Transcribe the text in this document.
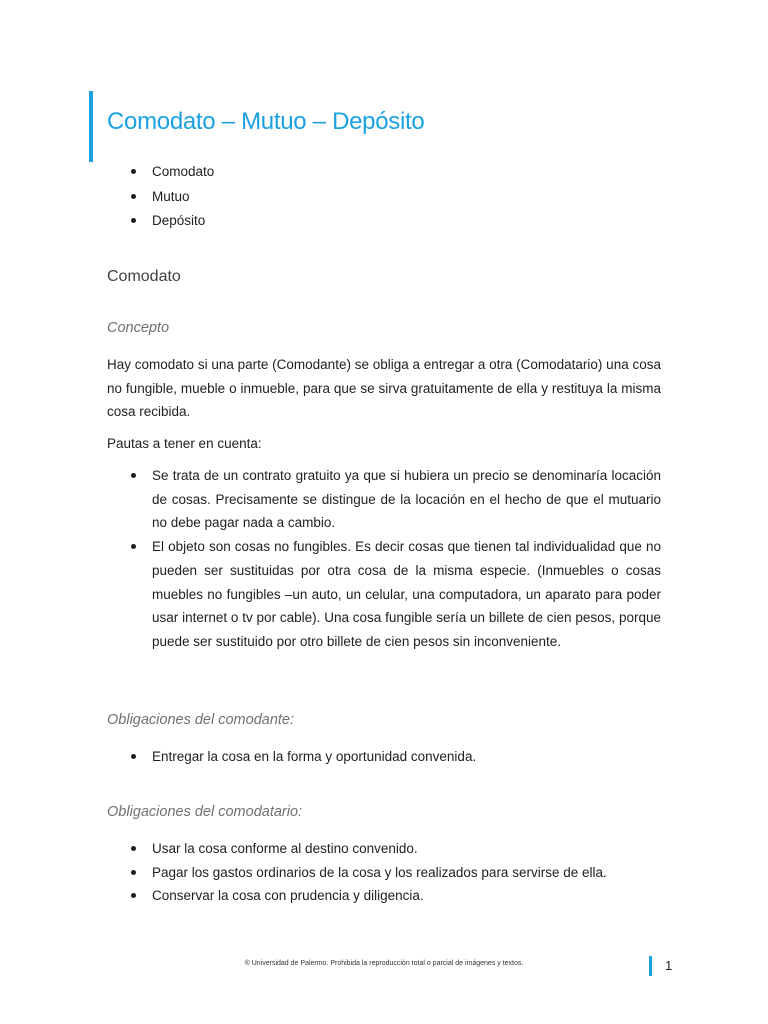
Comodato – Mutuo – Depósito
Comodato
Mutuo
Depósito
Comodato
Concepto

Hay comodato si una parte (Comodante) se obliga a entregar a otra (Comodatario) una cosa no fungible, mueble o inmueble, para que se sirva gratuitamente de ella y restituya la misma cosa recibida.

Pautas a tener en cuenta:

Se trata de un contrato gratuito ya que si hubiera un precio se denominaría locación de cosas. Precisamente se distingue de la locación en el hecho de que el mutuario no debe pagar nada a cambio.
El objeto son cosas no fungibles. Es decir cosas que tienen tal individualidad que no pueden ser sustituidas por otra cosa de la misma especie. (Inmuebles o cosas muebles no fungibles –un auto, un celular, una computadora, un aparato para poder usar internet o tv por cable). Una cosa fungible sería un billete de cien pesos, porque puede ser sustituido por otro billete de cien pesos sin inconveniente.
Obligaciones del comodante:
Entregar la cosa en la forma y oportunidad convenida.
Obligaciones del comodatario:
Usar la cosa conforme al destino convenido.
Pagar los gastos ordinarios de la cosa y los realizados para servirse de ella.
Conservar la cosa con prudencia y diligencia.
® Universidad de Palermo. Prohibida la reproducción total o parcial de imágenes y textos.	1
